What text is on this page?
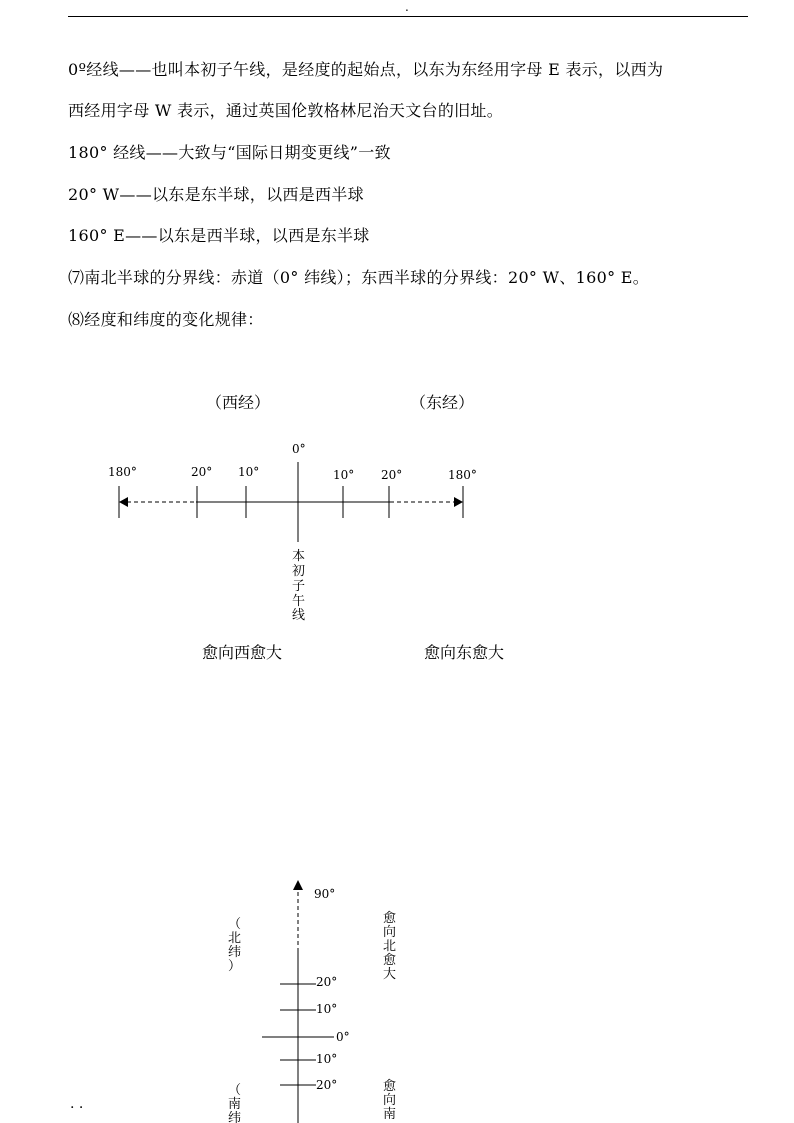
.
0º经线——也叫本初子午线，是经度的起始点，以东为东经用字母 E 表示，以西为
西经用字母 W 表示，通过英国伦敦格林尼治天文台的旧址。
180° 经线——大致与“国际日期变更线”一致
20° W——以东是东半球，以西是西半球
160° E——以东是西半球，以西是东半球
⑺南北半球的分界线：赤道（0° 纬线）；东西半球的分界线：20° W、160° E。
⑻经度和纬度的变化规律：
（西经）	（东经）
0°
180°	20° 10°	10° 20°	180°
本 初 子 午 线
愈向西愈大	愈向东愈大
90°
20°
10°
0°
10°
20°
（北纬）
（南纬
愈向北愈大
愈向南
. .
